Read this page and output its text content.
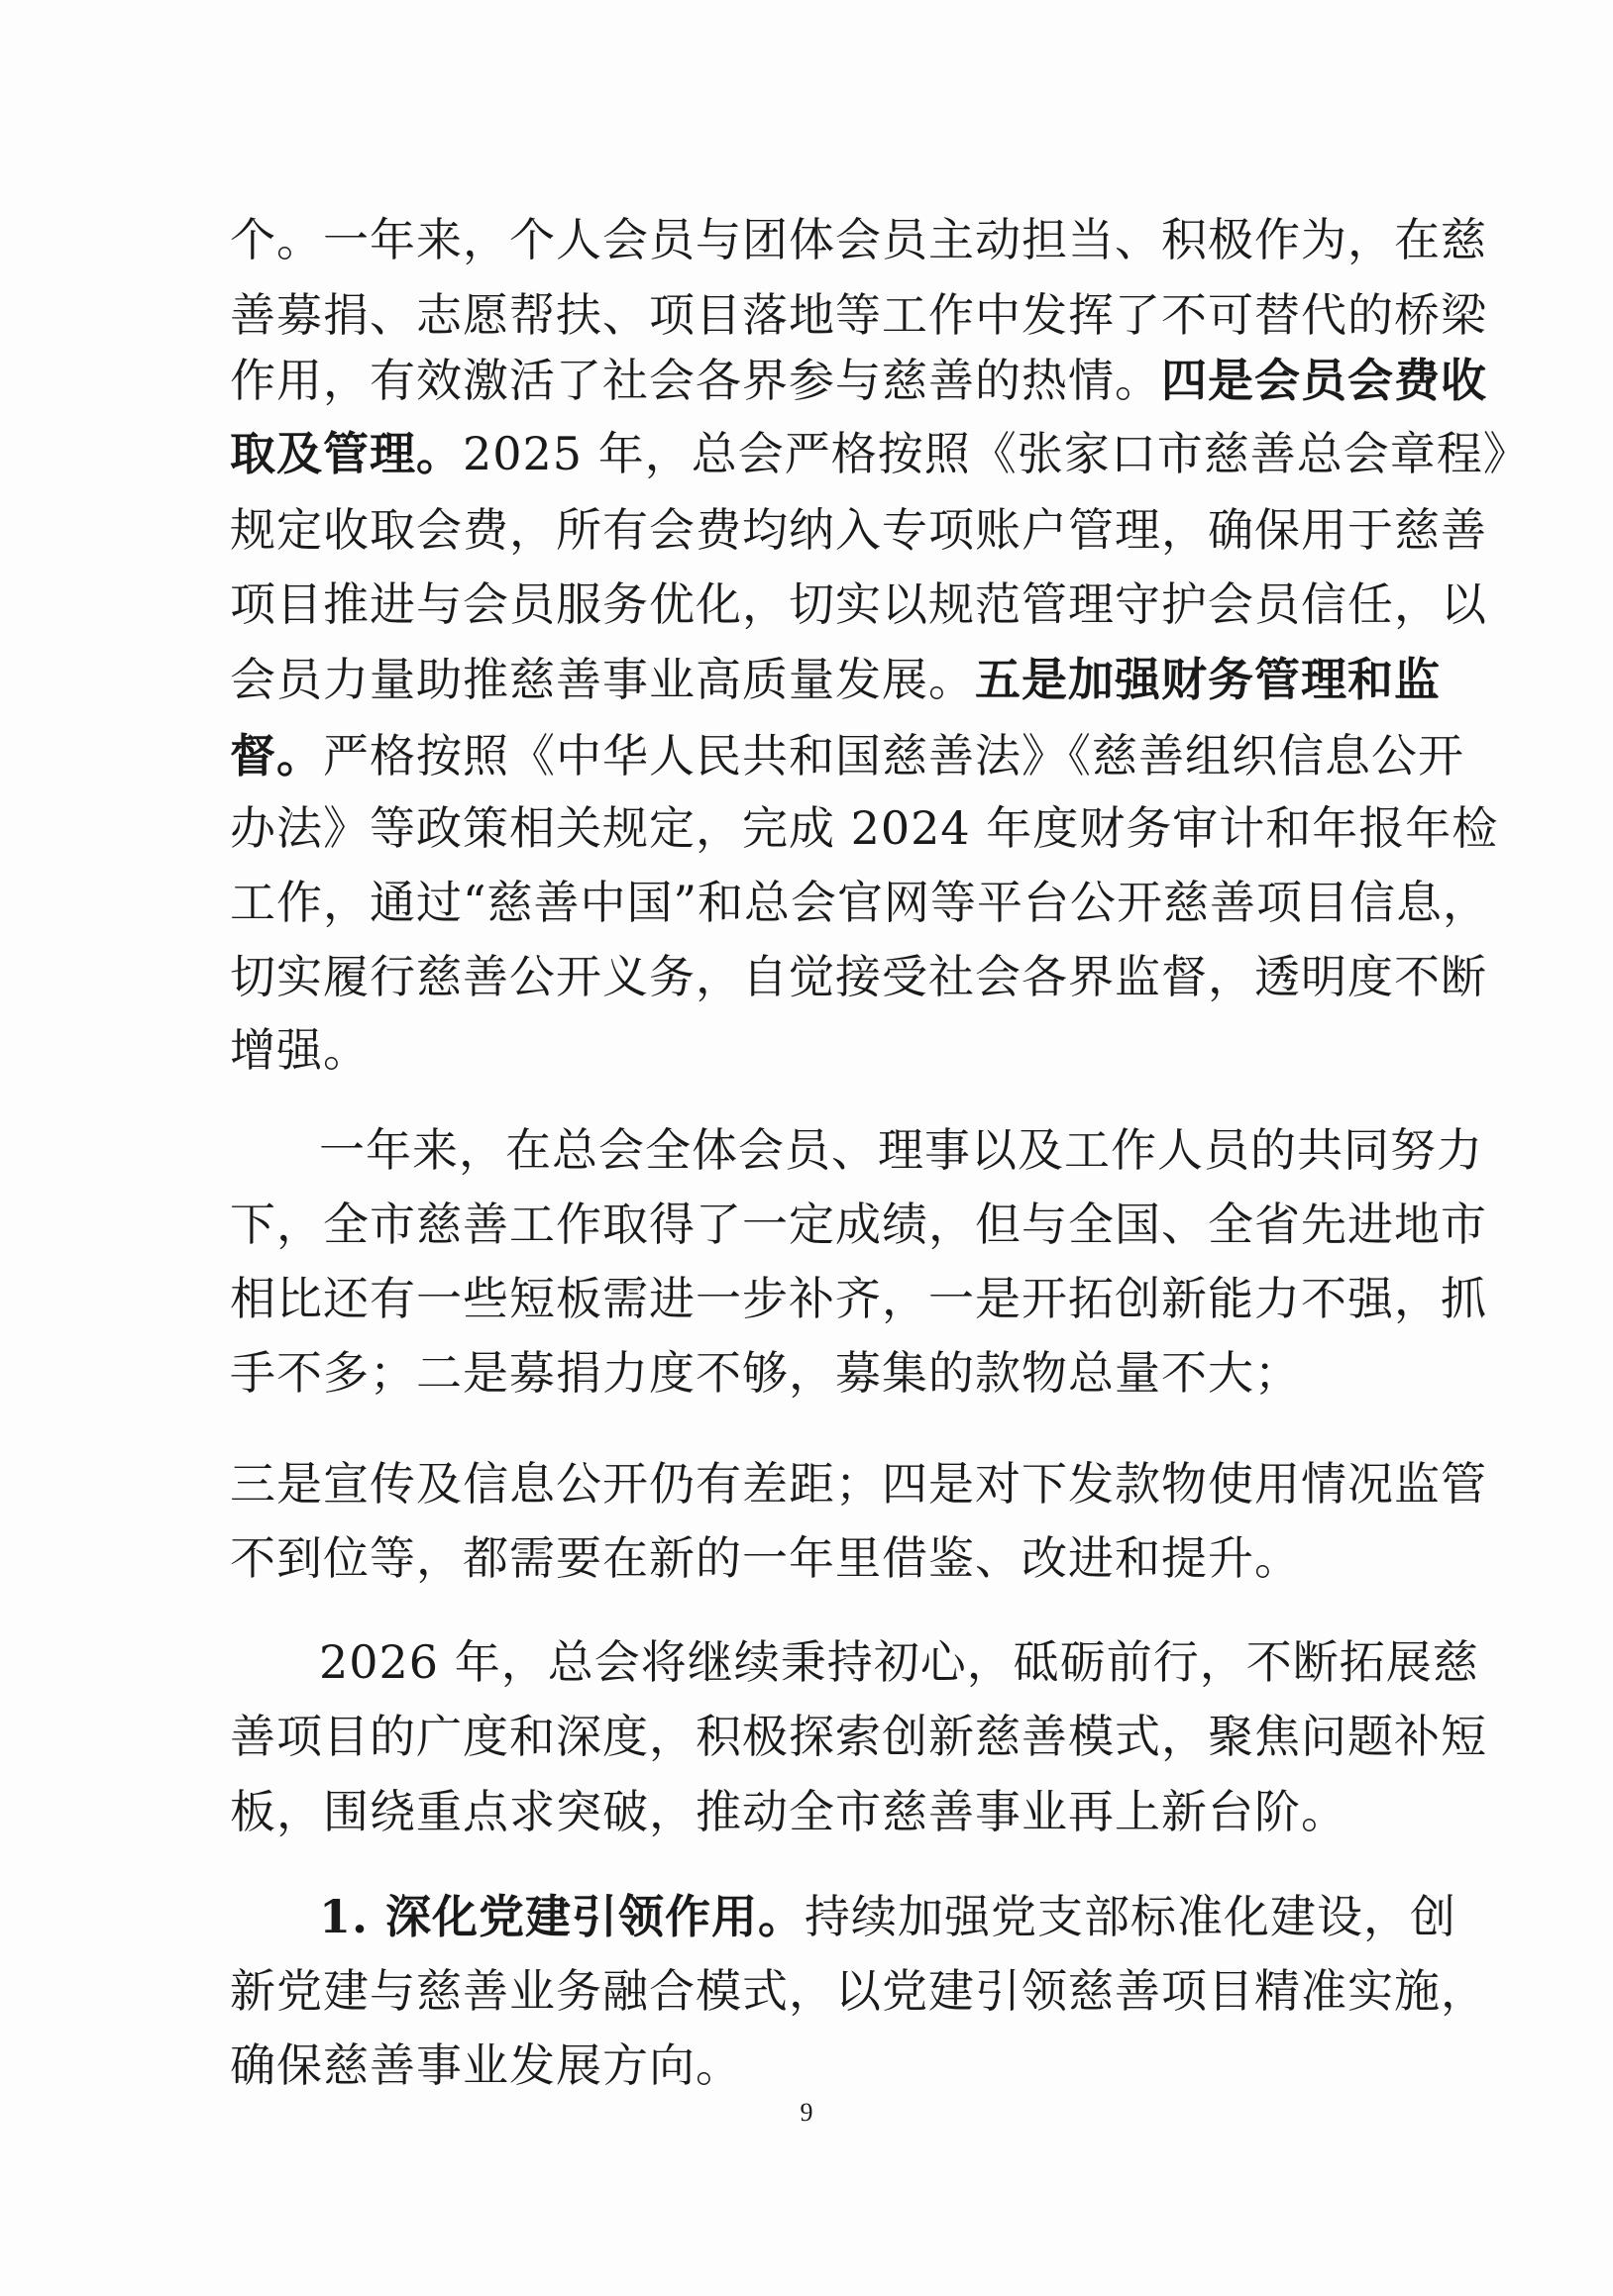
个。一年来，个人会员与团体会员主动担当、积极作为，在慈
善募捐、志愿帮扶、项目落地等工作中发挥了不可替代的桥梁
作用，有效激活了社会各界参与慈善的热情。四是会员会费收
取及管理。2025 年，总会严格按照《张家口市慈善总会章程》
规定收取会费，所有会费均纳入专项账户管理，确保用于慈善
项目推进与会员服务优化，切实以规范管理守护会员信任，以
会员力量助推慈善事业高质量发展。五是加强财务管理和监
督。严格按照《中华人民共和国慈善法》《慈善组织信息公开
办法》等政策相关规定，完成 2024 年度财务审计和年报年检
工作，通过“慈善中国”和总会官网等平台公开慈善项目信息，
切实履行慈善公开义务，自觉接受社会各界监督，透明度不断
增强。
一年来，在总会全体会员、理事以及工作人员的共同努力
下，全市慈善工作取得了一定成绩，但与全国、全省先进地市
相比还有一些短板需进一步补齐，一是开拓创新能力不强，抓
手不多；二是募捐力度不够，募集的款物总量不大；
三是宣传及信息公开仍有差距；四是对下发款物使用情况监管
不到位等，都需要在新的一年里借鉴、改进和提升。
2026 年，总会将继续秉持初心，砥砺前行，不断拓展慈
善项目的广度和深度，积极探索创新慈善模式，聚焦问题补短
板，围绕重点求突破，推动全市慈善事业再上新台阶。
1. 深化党建引领作用。持续加强党支部标准化建设，创
新党建与慈善业务融合模式，以党建引领慈善项目精准实施，
确保慈善事业发展方向。
9
